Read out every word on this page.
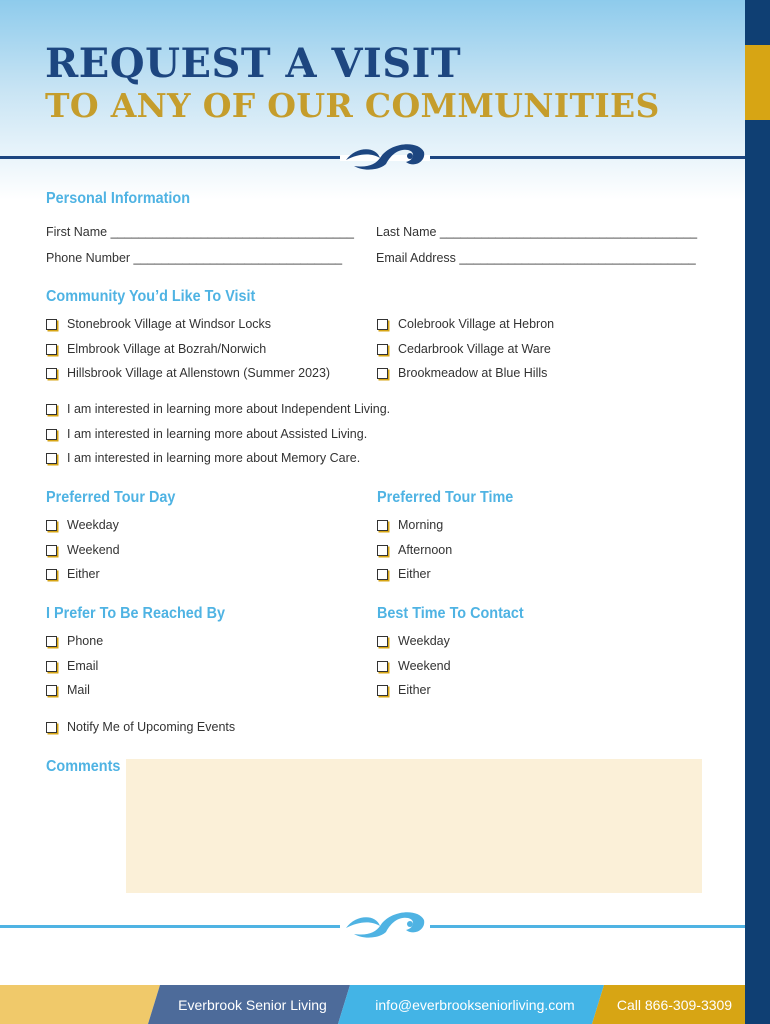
REQUEST A VISIT
TO ANY OF OUR COMMUNITIES
Personal Information
First Name ___________________________________ Last Name _____________________________________
Phone Number ______________________________	Email Address __________________________________
Community You’d Like To Visit
Stonebrook Village at Windsor Locks
Elmbrook Village at Bozrah/Norwich
Hillsbrook Village at Allenstown (Summer 2023)
Colebrook Village at Hebron
Cedarbrook Village at Ware
Brookmeadow at Blue Hills
I am interested in learning more about Independent Living.
I am interested in learning more about Assisted Living.
I am interested in learning more about Memory Care.
Preferred Tour Day	Preferred Tour Time
Weekday
Weekend
Either
Morning
Afternoon
Either
I Prefer To Be Reached By	Best Time To Contact
Phone
Email
Mail
Weekday
Weekend
Either
Notify Me of Upcoming Events
Comments
Everbrook Senior Living	info@everbrookseniorliving.com	Call 866-309-3309
